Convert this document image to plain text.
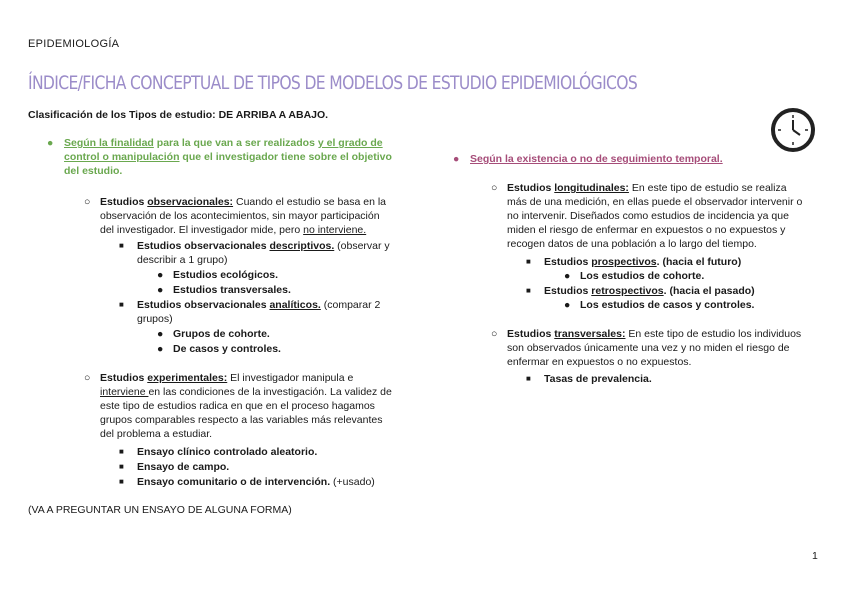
EPIDEMIOLOGÍA
ÍNDICE/FICHA CONCEPTUAL DE TIPOS DE MODELOS DE ESTUDIO EPIDEMIOLÓGICOS
Clasificación de los Tipos de estudio: DE ARRIBA A ABAJO.
● Según la finalidad para la que van a ser realizados y el grado de

control o manipulación que el investigador tiene sobre el objetivo

del estudio.

○ Estudios observacionales: Cuando el estudio se basa en la

observación de los acontecimientos, sin mayor participación

del investigador. El investigador mide, pero no interviene.

■ Estudios observacionales descriptivos. (observar y

describir a 1 grupo)

● Estudios ecológicos.
● Estudios transversales.
■ Estudios observacionales analíticos. (comparar 2

grupos)

● Grupos de cohorte.
● De casos y controles.
○ Estudios experimentales: El investigador manipula e

interviene en las condiciones de la investigación. La validez de

este tipo de estudios radica en que en el proceso hagamos

grupos comparables respecto a las variables más relevantes

del problema a estudiar.

■ Ensayo clínico controlado aleatorio.
■ Ensayo de campo.
■ Ensayo comunitario o de intervención. (+usado)
(VA A PREGUNTAR UN ENSAYO DE ALGUNA FORMA)
● Según la existencia o no de seguimiento temporal.
○ Estudios longitudinales: En este tipo de estudio se realiza

más de una medición, en ellas puede el observador intervenir o

no intervenir. Diseñados como estudios de incidencia ya que

miden el riesgo de enfermar en expuestos o no expuestos y

recogen datos de una población a lo largo del tiempo.

■ Estudios prospectivos. (hacia el futuro)
● Los estudios de cohorte.
■ Estudios retrospectivos. (hacia el pasado)
● Los estudios de casos y controles.
○ Estudios transversales: En este tipo de estudio los individuos

son observados únicamente una vez y no miden el riesgo de

enfermar en expuestos o no expuestos.

■ Tasas de prevalencia.
1
